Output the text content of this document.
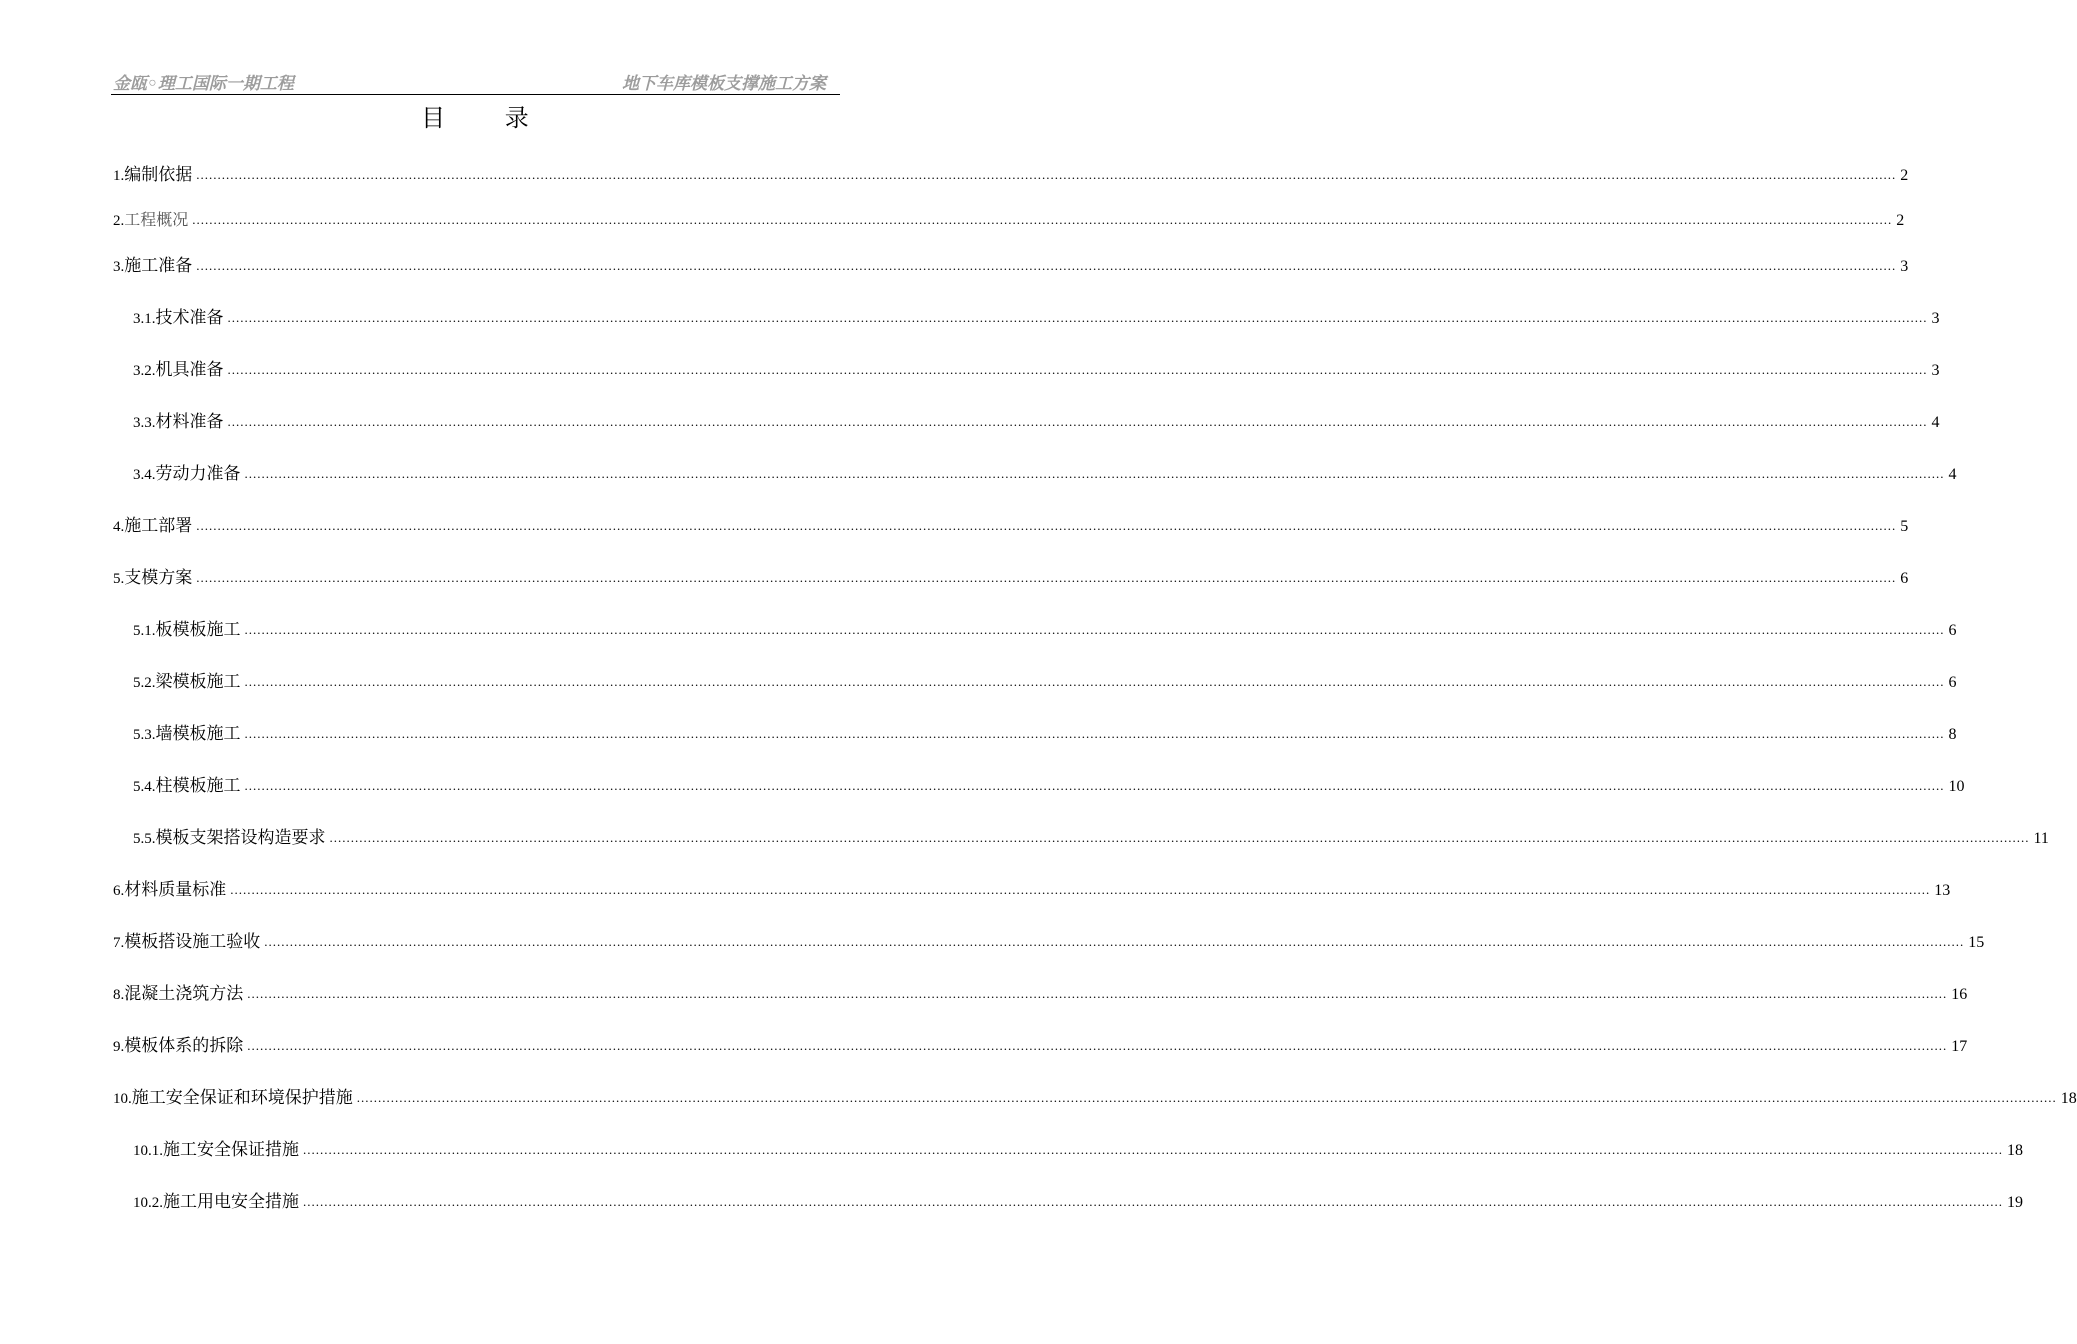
金瓯◦理工国际一期工程	地下车库模板支撑施工方案
目 录
1. 编制依据 ................................................................................................................................................................................................................................................................................................................................................................................................................ 2
2. 工程概况 ................................................................................................................................................................................................................................................................................................................................................................................................................ 2
3. 施工准备 ................................................................................................................................................................................................................................................................................................................................................................................................................ 3
3.1. 技术准备 ................................................................................................................................................................................................................................................................................................................................................................................................................ 3
3.2. 机具准备 ................................................................................................................................................................................................................................................................................................................................................................................................................ 3
3.3. 材料准备 ................................................................................................................................................................................................................................................................................................................................................................................................................ 4
3.4. 劳动力准备 ................................................................................................................................................................................................................................................................................................................................................................................................................ 4
4. 施工部署 ................................................................................................................................................................................................................................................................................................................................................................................................................ 5
5. 支模方案 ................................................................................................................................................................................................................................................................................................................................................................................................................ 6
5.1. 板模板施工 ................................................................................................................................................................................................................................................................................................................................................................................................................ 6
5.2. 梁模板施工 ................................................................................................................................................................................................................................................................................................................................................................................................................ 6
5.3. 墙模板施工 ................................................................................................................................................................................................................................................................................................................................................................................................................ 8
5.4. 柱模板施工 ................................................................................................................................................................................................................................................................................................................................................................................................................ 10
5.5. 模板支架搭设构造要求 ................................................................................................................................................................................................................................................................................................................................................................................................................ 11
6. 材料质量标准 ................................................................................................................................................................................................................................................................................................................................................................................................................ 13
7. 模板搭设施工验收 ................................................................................................................................................................................................................................................................................................................................................................................................................ 15
8. 混凝土浇筑方法 ................................................................................................................................................................................................................................................................................................................................................................................................................ 16
9. 模板体系的拆除 ................................................................................................................................................................................................................................................................................................................................................................................................................ 17
10. 施工安全保证和环境保护措施 ................................................................................................................................................................................................................................................................................................................................................................................................................ 18
10.1. 施工安全保证措施 ................................................................................................................................................................................................................................................................................................................................................................................................................ 18
10.2. 施工用电安全措施 ................................................................................................................................................................................................................................................................................................................................................................................................................ 19
